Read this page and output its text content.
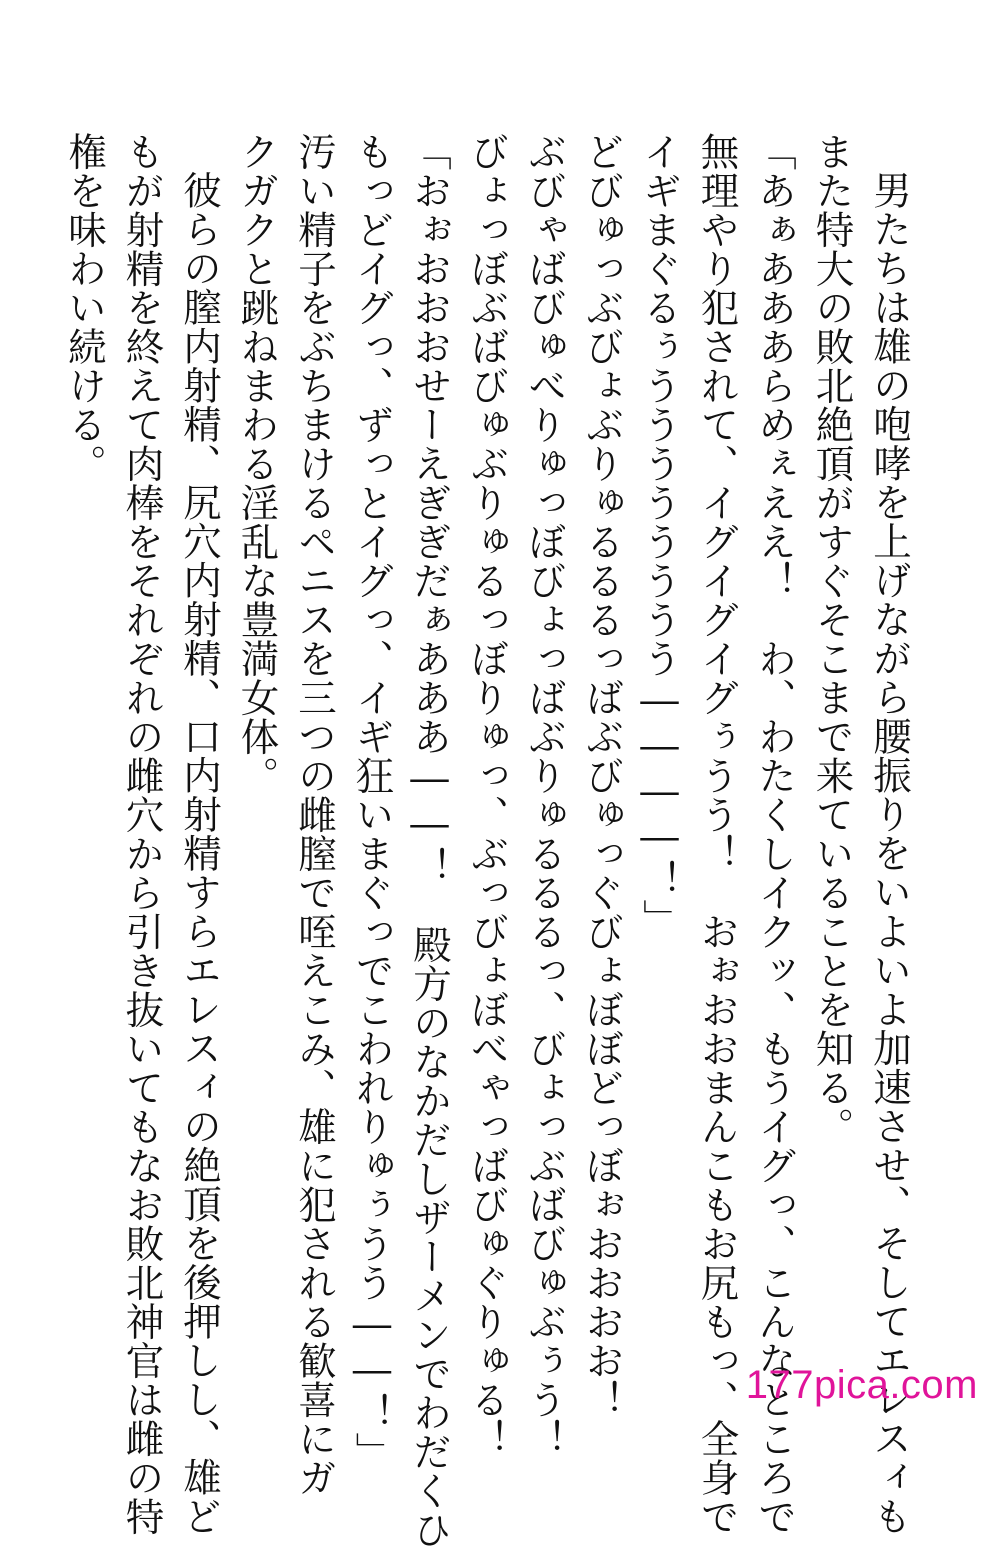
男たちは雄の咆哮を上げながら腰振りをいよいよ加速させ、そしてエレスィも

また特大の敗北絶頂がすぐそこまで来ていることを知る。

「あぁあああらめぇええ！　わ、わたくしイクッ、もうイグっ、こんなところで

無理やり犯されて、イグイグイグぅうう！　おぉおおまんこもお尻もっ、全身で

イギまぐるぅうううううううう――――！」

どびゅっぶびょぶりゅるるるっばぶびゅっぐびょぼぼどっぼぉおおおお！

ぶびゃばびゅべりゅっぼびょっばぶりゅるるるっ、びょっぶばびゅぶぅう！

びょっぼぶばびゅぶりゅるっぼりゅっ、ぶっびょぼべゃっばびゅぐりゅる！

「おぉおおおせーえぎぎだぁあああ――！　殿方のなかだしザーメンでわだくひ

もっどイグっ、ずっとイグっ、イギ狂いまぐっでこわれりゅぅうう――！」

汚い精子をぶちまけるペニスを三つの雌膣で咥えこみ、雄に犯される歓喜にガ

クガクと跳ねまわる淫乱な豊満女体。

彼らの膣内射精、尻穴内射精、口内射精すらエレスィの絶頂を後押しし、雄ど

もが射精を終えて肉棒をそれぞれの雌穴から引き抜いてもなお敗北神官は雌の特

権を味わい続ける。

177pica.com
